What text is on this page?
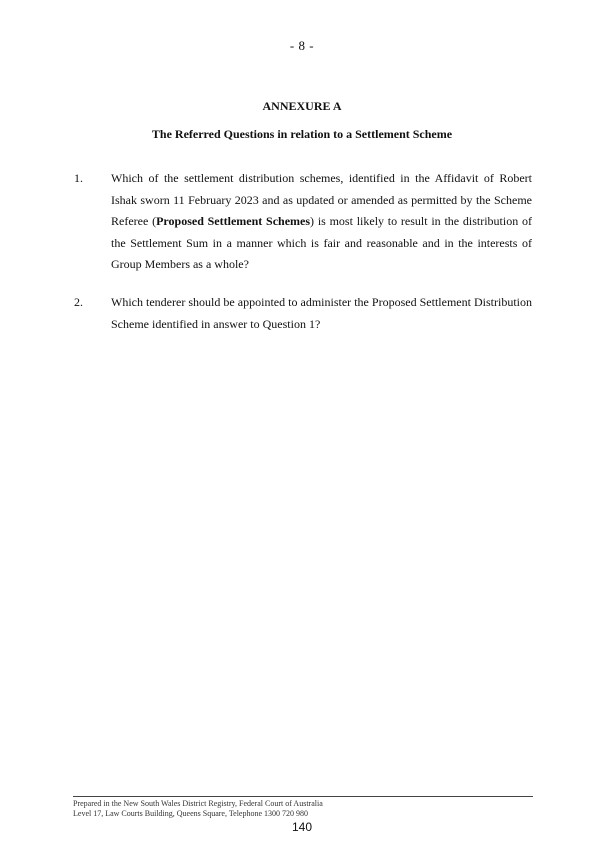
- 8 -
ANNEXURE A
The Referred Questions in relation to a Settlement Scheme
1. Which of the settlement distribution schemes, identified in the Affidavit of Robert Ishak sworn 11 February 2023 and as updated or amended as permitted by the Scheme Referee (Proposed Settlement Schemes) is most likely to result in the distribution of the Settlement Sum in a manner which is fair and reasonable and in the interests of Group Members as a whole?
2. Which tenderer should be appointed to administer the Proposed Settlement Distribution Scheme identified in answer to Question 1?
Prepared in the New South Wales District Registry, Federal Court of Australia
Level 17, Law Courts Building, Queens Square, Telephone 1300 720 980
140
